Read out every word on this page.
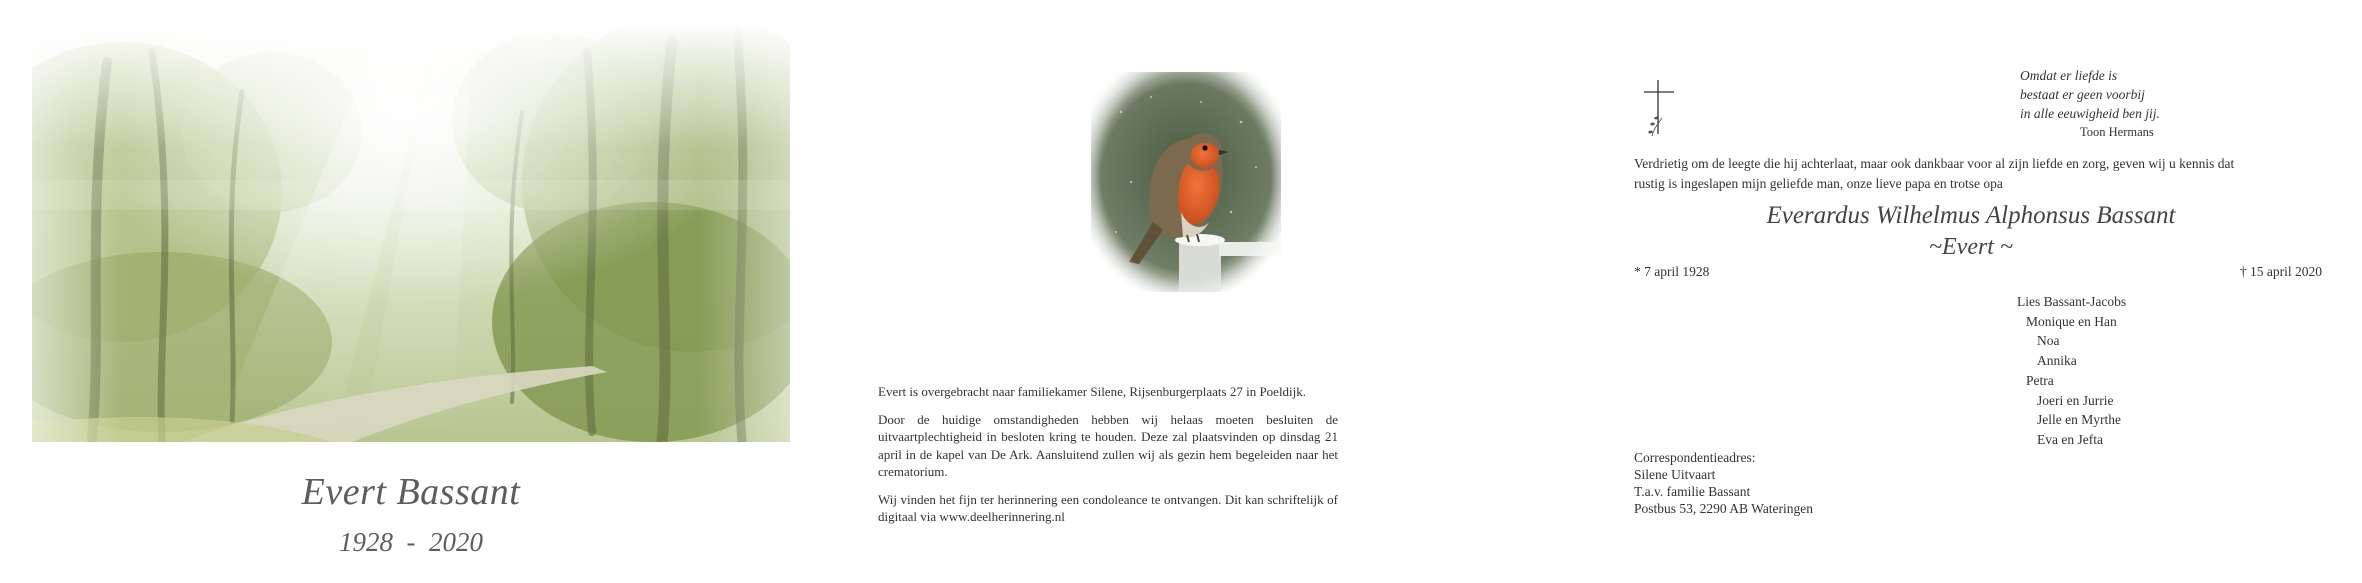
Evert Bassant
1928  -  2020

Evert is overgebracht naar familiekamer Silene, Rijsenburgerplaats 27 in Poeldijk.

Door de huidige omstandigheden hebben wij helaas moeten besluiten de uitvaartplechtigheid in besloten kring te houden. Deze zal plaatsvinden op dinsdag 21 april in de kapel van De Ark. Aansluitend zullen wij als gezin hem begeleiden naar het crematorium.

Wij vinden het fijn ter herinnering een condoleance te ontvangen. Dit kan schriftelijk of digitaal via www.deelherinnering.nl

Omdat er liefde is
bestaat er geen voorbij
in alle eeuwigheid ben jij.
Toon Hermans
Verdrietig om de leegte die hij achterlaat, maar ook dankbaar voor al zijn liefde en zorg, geven wij u kennis dat
rustig is ingeslapen mijn geliefde man, onze lieve papa en trotse opa
Everardus Wilhelmus Alphonsus Bassant
~Evert ~
* 7 april 1928	† 15 april 2020
Lies Bassant-Jacobs
Monique en Han
Noa
Annika
Petra
Joeri en Jurrie
Jelle en Myrthe
Eva en Jefta
Correspondentieadres:
Silene Uitvaart
T.a.v. familie Bassant
Postbus 53, 2290 AB Wateringen
